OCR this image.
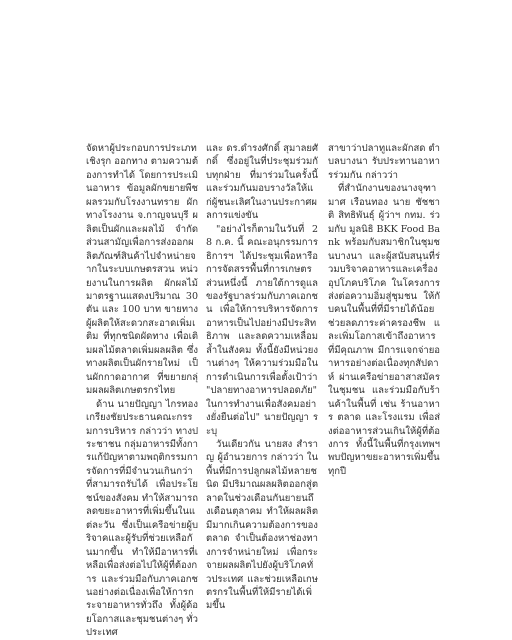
จัดหาผู้ประกอบการประเภทเชิงรุก ออกทาง ตามความต้องการทำได้ โดยการประเมินอาหาร ข้อมูลผักขยายพืชผลรวมกับโรงงานทราย ผักทางโรงงาน จ.กาญจนบุรี ผลิตเป็นผักและผลไม้ จำกัด ส่วนสามัญเพื่อการส่งออกผลิตภัณฑ์สินค้าไปจำหน่ายจากในระบบเกษตรสวน หน่วยงานในการผลิต ผักผลไม้ มาตรฐานแสดงปริมาณ 30 ตัน และ 100 บาท ขายทางผู้ผลิตให้สะดวกสะอาดเพิ่มเติม ที่ทุกชนิดผัดทาง เพื่อเติมผลไม้ตลาดเพิ่มผลผลิต ซึ่งทางผลิตเป็นผักรายใหม่ เป็นผักกาดอากาศ ที่ขยายกลุ่มผลผลิตเกษตรกรไทย

ด้าน นายปัญญา ไกรทองเกรียงชัยประธานคณะกรรมการบริหาร กล่าวว่า ทางประชาชน กลุ่มอาหารมีทั้งการแก้ปัญหาตามพฤติกรรมการจัดการที่มีจำนวนเกินกว่าที่สามารถรับได้ เพื่อประโยชน์ของสังคม ทำให้สามารถลดขยะอาหารที่เพิ่มขึ้นในแต่ละวัน ซึ่งเป็นเครือข่ายผู้บริจาคและผู้รับที่ช่วยเหลือกันมากขึ้น ทำให้มีอาหารที่เหลือเพื่อส่งต่อไปให้ผู้ที่ต้องการ และร่วมมือกับภาคเอกชนอย่างต่อเนื่องเพื่อให้การกระจายอาหารทั่วถึง ทั้งผู้ด้อยโอกาสและชุมชนต่างๆ ทั่วประเทศ

และ ดร.ดำรงศักดิ์ สุมาลยศักดิ์ ซึ่งอยู่ในที่ประชุมร่วมกับทุกฝ่าย ที่มาร่วมในครั้งนี้ และร่วมกันมอบรางวัลให้แก่ผู้ชนะเลิศในงานประกาศผลการแข่งขัน

"อย่างไรก็ตามในวันที่ 28 ก.ค. นี้ คณะอนุกรรมการธิการฯ ได้ประชุมเพื่อหารือการจัดสรรพื้นที่การเกษตร ส่วนหนึ่งนี้ ภายใต้การดูแลของรัฐบาลร่วมกับภาคเอกชน เพื่อให้การบริหารจัดการอาหารเป็นไปอย่างมีประสิทธิภาพ และลดความเหลื่อมล้ำในสังคม ทั้งนี้ยังมีหน่วยงานต่างๆ ให้ความร่วมมือในการดำเนินการเพื่อตั้งเป้าว่า "ปลายทางอาหารปลอดภัย" ในการทำงานเพื่อสังคมอย่างยั่งยืนต่อไป" นายปัญญา ระบุ

วันเดียวกัน นายสง สำราญ ผู้อำนวยการ กล่าวว่า ในพื้นที่มีการปลูกผลไม้หลายชนิด มีปริมาณผลผลิตออกสู่ตลาดในช่วงเดือนกันยายนถึงเดือนตุลาคม ทำให้ผลผลิตมีมากเกินความต้องการของตลาด จำเป็นต้องหาช่องทางการจำหน่ายใหม่ เพื่อกระจายผลผลิตไปยังผู้บริโภคทั่วประเทศ และช่วยเหลือเกษตรกรในพื้นที่ให้มีรายได้เพิ่มขึ้น

สาขาว่าปลาทูและผักสด ตำบลบางนา รับประทานอาหารร่วมกัน กล่าวว่า

ที่สำนักงานของนางจุฑามาศ เรือนทอง นาย ชัชชาติ สิทธิพันธุ์ ผู้ว่าฯ กทม. ร่วมกับ มูลนิธิ BKK Food Bank พร้อมกับสมาชิกในชุมชนบางนา และผู้สนับสนุนที่ร่วมบริจาคอาหารและเครื่องอุปโภคบริโภค ในโครงการส่งต่อความอิ่มสู่ชุมชน ให้กับคนในพื้นที่ที่มีรายได้น้อย ช่วยลดภาระค่าครองชีพ และเพิ่มโอกาสเข้าถึงอาหารที่มีคุณภาพ มีการแจกจ่ายอาหารอย่างต่อเนื่องทุกสัปดาห์ ผ่านเครือข่ายอาสาสมัครในชุมชน และร่วมมือกับร้านค้าในพื้นที่ เช่น ร้านอาหาร ตลาด และโรงแรม เพื่อส่งต่ออาหารส่วนเกินให้ผู้ที่ต้องการ ทั้งนี้ในพื้นที่กรุงเทพฯ พบปัญหาขยะอาหารเพิ่มขึ้นทุกปี
